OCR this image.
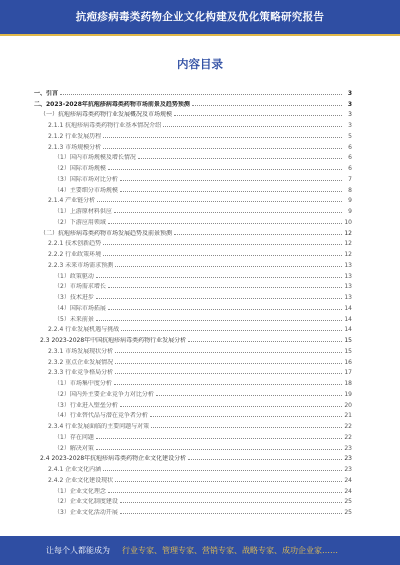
抗疱疹病毒类药物企业文化构建及优化策略研究报告
内容目录
一、引言	3
二、2023-2028年抗疱疹病毒类药物市场前景及趋势预测	3
（一）抗疱疹病毒类药物行业发展概况及市场规模	3
2.1.1 抗疱疹病毒类药物行业基本情况介绍	3
2.1.2 行业发展历程	5
2.1.3 市场规模分析	6
（1）国内市场规模及增长情况	6
（2）国际市场规模	6
（3）国际市场对比分析	7
（4）主要细分市场规模	8
2.1.4 产业链分析	9
（1）上游原材料供应	9
（2）下游应用领域	10
（二）抗疱疹病毒类药物市场发展趋势及前景预测	12
2.2.1 技术创新趋势	12
2.2.2 行业政策环境	12
2.2.3 未来市场需求预测	13
（1）政策驱动	13
（2）市场需求增长	13
（3）技术进步	13
（4）国际市场拓展	14
（5）未来前景	14
2.2.4 行业发展机遇与挑战	14
2.3 2023-2028年中国抗疱疹病毒类药物行业发展分析	15
2.3.1 市场发展现状分析	15
2.3.2 重点企业发展情况	16
2.3.3 行业竞争格局分析	17
（1）市场集中度分析	18
（2）国内外主要企业竞争力对比分析	19
（3）行业进入壁垒分析	20
（4）行业替代品与潜在竞争者分析	21
2.3.4 行业发展面临的主要问题与对策	22
（1）存在问题	22
（2）解决对策	23
2.4 2023-2028年抗疱疹病毒类药物企业文化建设分析	23
2.4.1 企业文化内涵	23
2.4.2 企业文化建设现状	24
（1）企业文化理念	24
（2）企业文化制度建设	25
（3）企业文化活动开展	25
让每个人都能成为 行业专家、管理专家、营销专家、战略专家、成功企业家……
